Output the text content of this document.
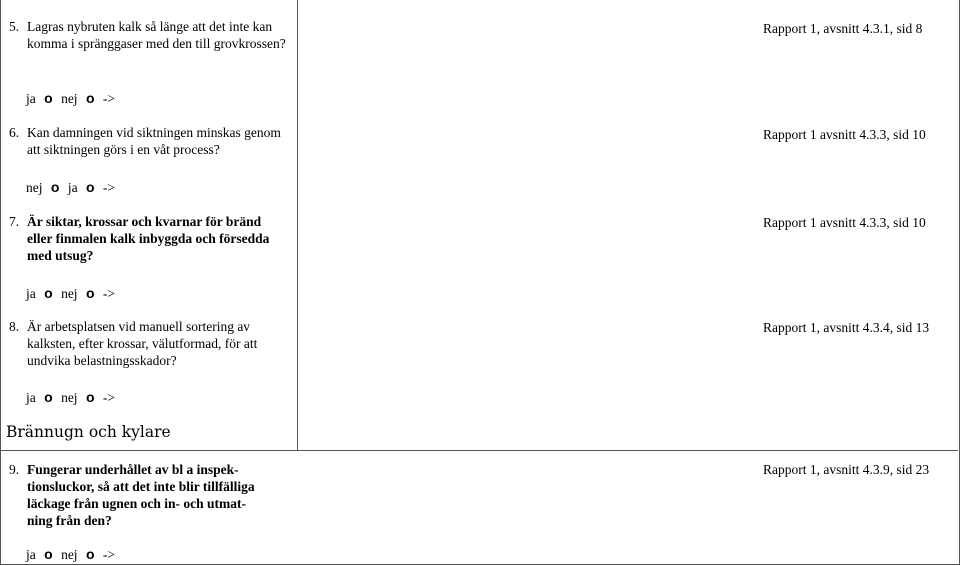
5. Lagras nybruten kalk så länge att det inte kan komma i spränggaser med den till grovkrossen?
Rapport 1, avsnitt 4.3.1, sid 8
ja o nej o ->
6. Kan damningen vid siktningen minskas genom att siktningen görs i en våt process?
Rapport 1 avsnitt 4.3.3, sid 10
nej o ja o ->
7. Är siktar, krossar och kvarnar för bränd eller finmalen kalk inbyggda och försedda med utsug?
Rapport 1 avsnitt 4.3.3, sid 10
ja o nej o ->
8. Är arbetsplatsen vid manuell sortering av kalksten, efter krossar, välutformad, för att undvika belastningsskador?
Rapport 1, avsnitt 4.3.4, sid 13
ja o nej o ->
Brännugn och kylare
9. Fungerar underhållet av bl a inspek-tionsluckor, så att det inte blir tillfälliga läckage från ugnen och in- och utmat-ning från den?
Rapport 1, avsnitt 4.3.9, sid 23
ja o nej o ->
